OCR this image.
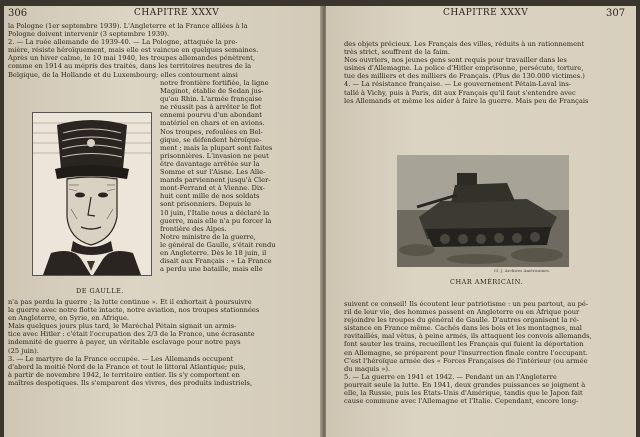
306	CHAPITRE XXXV

la Pologne (1er septembre 1939). L'Angleterre et la France alliées à la

Pologne doivent intervenir (3 septembre 1939).

2. — La ruée allemande de 1939-40. — La Pologne, attaquée la pre-

mière, résiste héroïquement, mais elle est vaincue en quelques semaines.

Après un hiver calme, le 10 mai 1940, les troupes allemandes pénètrent,

comme en 1914 au mépris des traités, dans les territoires neutres de la

Belgique, de la Hollande et du Luxembourg; elles contournent ainsi

notre frontière fortifiée, la ligne

Maginot, établie de Sedan jus-

qu'au Rhin. L'armée française

ne réussit pas à arrêter le flot

ennemi pourvu d'un abondant

matériel en chars et en avions.

Nos troupes, refoulées en Bel-

gique, se défendent héroïque-

ment ; mais la plupart sont faites

prisonnières. L'invasion ne peut

être davantage arrêtée sur la

Somme et sur l'Aisne. Les Alle-

mands parviennent jusqu'à Cler-

mont-Ferrand et à Vienne. Dix-

huit cent mille de nos soldats

sont prisonniers. Depuis le

10 juin, l'Italie nous a déclaré la

guerre, mais elle n'a pu forcer la

frontière des Alpes.

Notre ministre de la guerre,

le général de Gaulle, s'était rendu

en Angleterre. Dès le 18 juin, il

disait aux Français : « La France

a perdu une bataille, mais elle

DE GAULLE.

n'a pas perdu la guerre ; la lutte continue ». Et il exhortait à poursuivre

la guerre avec notre flotte intacte, notre aviation, nos troupes stationnées

en Angleterre, en Syrie, en Afrique.

Mais quelques jours plus tard, le Maréchal Pétain signait un armis-

tice avec Hitler : c'était l'occupation des 2/3 de la France, une écrasante

indemnité de guerre à payer, un véritable esclavage pour notre pays

(25 juin).

3. — Le martyre de la France occupée. — Les Allemands occupent

d'abord la moitié Nord de la France et tout le littoral Atlantique; puis,

à partir de novembre 1942, le territoire entier. Ils s'y comportent en

maîtres despotiques. Ils s'emparent des vivres, des produits industriels,

CHAPITRE XXXV	307

des objets précieux. Les Français des villes, réduits à un rationnement

très strict, souffrent de la faim.

Nos ouvriers, nos jeunes gens sont requis pour travailler dans les

usines d'Allemagne. La police d'Hitler emprisonne, persécute, torture,

tue des milliers et des milliers de Français. (Plus de 130.000 victimes.)

4. — La résistance française. — Le gouvernement Pétain-Laval ins-

tallé à Vichy, puis à Paris, dit aux Français qu'il faut s'entendre avec

les Allemands et même les aider à faire la guerre. Mais peu de Français

Cl. J. Archives Américaines.
CHAR AMÉRICAIN.

suivent ce conseil! Ils écoutent leur patriotisme : un peu partout, au pé-

ril de leur vie, des hommes passent en Angleterre ou en Afrique pour

rejoindre les troupes du général de Gaulle. D'autres organisent la ré-

sistance en France même. Cachés dans les bois et les montagnes, mal

ravitaillés, mal vêtus, à peine armés, ils attaquent les convois allemands,

font sauter les trains, recueillent les Français qui fuient la déportation

en Allemagne, se préparent pour l'insurrection finale contre l'occupant.

C'est l'héroïque armée des « Forces Françaises de l'intérieur (ou armée

du maquis »).

5. — La guerre en 1941 et 1942. — Pendant un an l'Angleterre

pourrait seule la lutte. En 1941, deux grandes puissances se joignent à

elle, la Russie, puis les États-Unis d'Amérique, tandis que le Japon fait

cause commune avec l'Allemagne et l'Italie. Cependant, encore long-
